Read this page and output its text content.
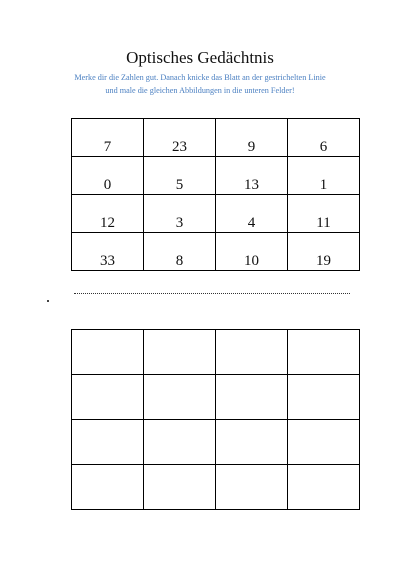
Optisches Gedächtnis
Merke dir die Zahlen gut. Danach knicke das Blatt an der gestrichelten Linie
und male die gleichen Abbildungen in die unteren Felder!
7	23	9	6
0	5	13	1
12	3	4	11
33	8	10	19
